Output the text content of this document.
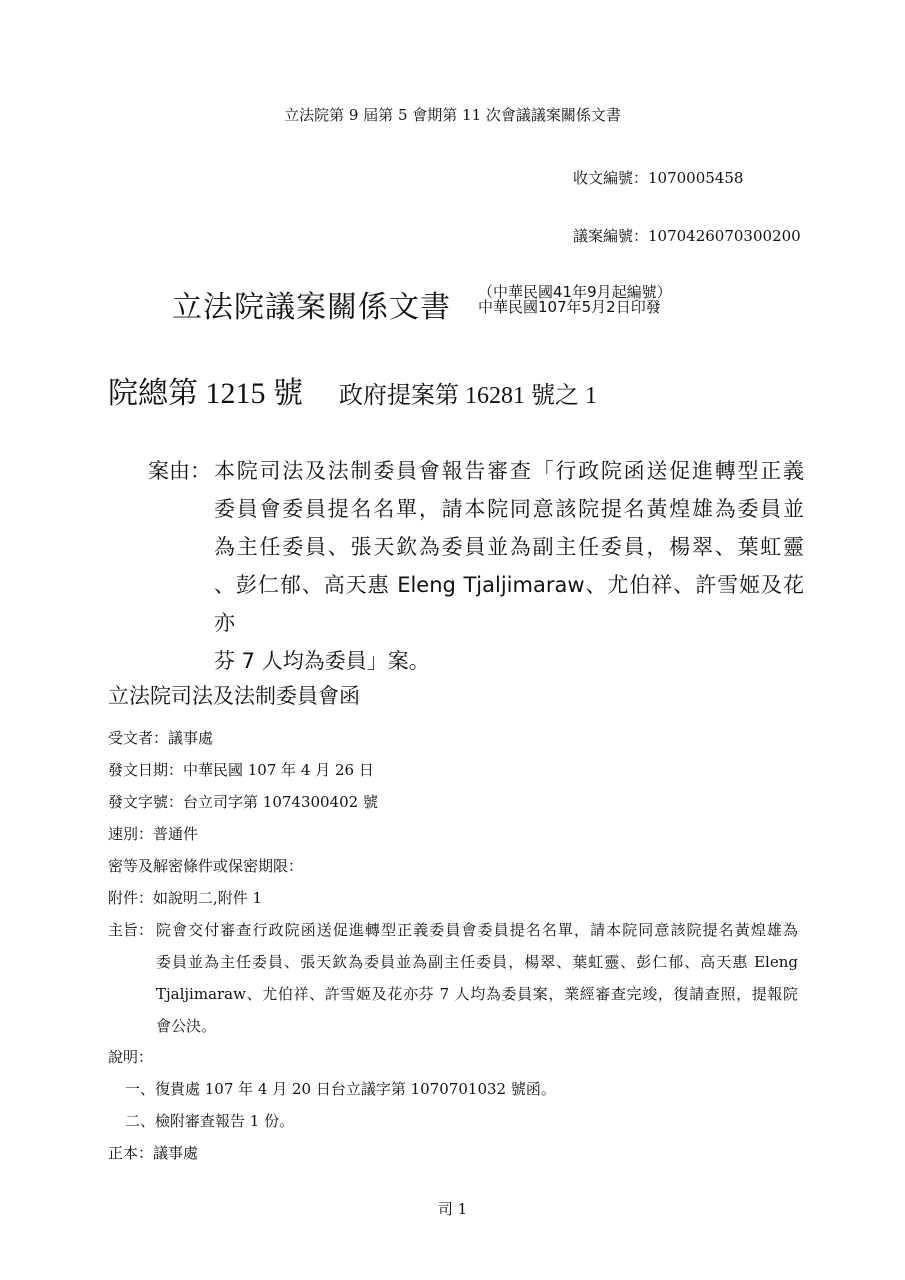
立法院第 9 屆第 5 會期第 11 次會議議案關係文書
收文編號：1070005458
議案編號：1070426070300200
立法院議案關係文書 （中華民國41年9月起編號）
中華民國107年5月2日印發
院總第 1215 號 政府提案第 16281 號之 1
案由： 本院司法及法制委員會報告審查「行政院函送促進轉型正義
委員會委員提名名單，請本院同意該院提名黃煌雄為委員並
為主任委員、張天欽為委員並為副主任委員，楊翠、葉虹靈
、彭仁郁、高天惠 Eleng Tjaljimaraw、尤伯祥、許雪姬及花亦
芬 7 人均為委員」案。
立法院司法及法制委員會函
受文者：議事處
發文日期：中華民國 107 年 4 月 26 日
發文字號：台立司字第 1074300402 號
速別：普通件
密等及解密條件或保密期限：
附件：如說明二,附件 1
主旨： 院會交付審查行政院函送促進轉型正義委員會委員提名名單，請本院同意該院提名黃煌雄為
委員並為主任委員、張天欽為委員並為副主任委員，楊翠、葉虹靈、彭仁郁、高天惠 Eleng
Tjaljimaraw、尤伯祥、許雪姬及花亦芬 7 人均為委員案，業經審查完竣，復請查照，提報院
會公決。
說明：
一、復貴處 107 年 4 月 20 日台立議字第 1070701032 號函。
二、檢附審查報告 1 份。
正本：議事處
司 1
